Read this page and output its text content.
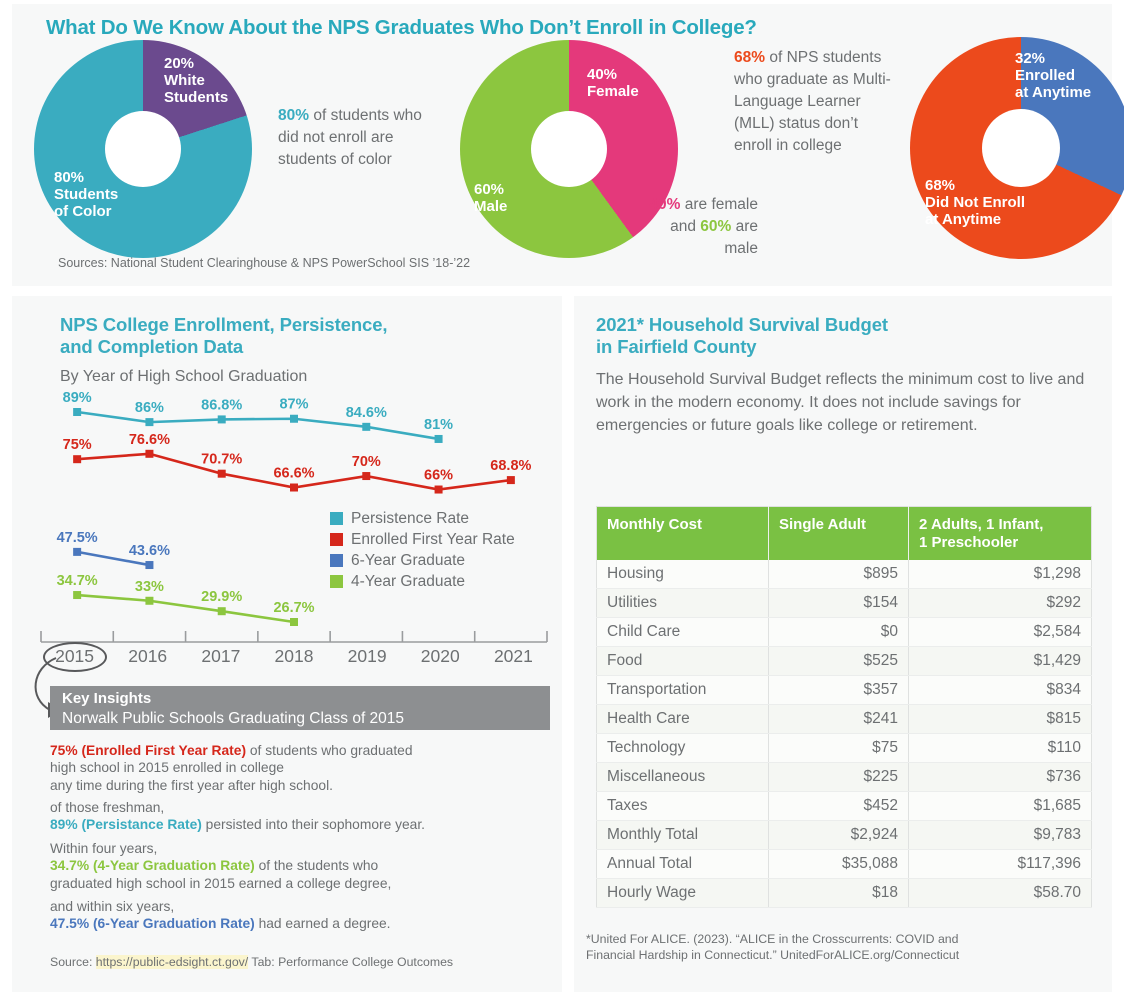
What Do We Know About the NPS Graduates Who Don’t Enroll in College?
20%
White
Students
80%
Students
of Color
80% of students who did not enroll are students of color
40%
Female
60%
Male	40% are female and 60% are male
32%
Enrolled
at Anytime
68%
Did Not Enroll
at Anytime
68% of NPS students who graduate as Multi-Language Learner (MLL) status don’t enroll in college
Sources: National Student Clearinghouse & NPS PowerSchool SIS ’18-’22
NPS College Enrollment, Persistence,
and Completion Data
By Year of High School Graduation
89%
86%	86.8%	87%
84.6%
81%
75%	76.6%
70.7%
66.6%
70%
66%
68.8%
47.5%
43.6%
34.7%	33%
29.9%
26.7%
Persistence Rate
Enrolled First Year Rate
6-Year Graduate
4-Year Graduate
2015	2016	2017	2018	2019	2020	2021
Key Insights
Norwalk Public Schools Graduating Class of 2015
75% (Enrolled First Year Rate) of students who graduated
high school in 2015 enrolled in college
any time during the first year after high school.
of those freshman,
89% (Persistance Rate) persisted into their sophomore year.
Within four years,
34.7% (4-Year Graduation Rate) of the students who
graduated high school in 2015 earned a college degree,
and within six years,
47.5% (6-Year Graduation Rate) had earned a degree.
Source: https://public-edsight.ct.gov/ Tab: Performance College Outcomes
2021* Household Survival Budget
in Fairfield County
The Household Survival Budget reflects the minimum cost to live and work in the modern economy. It does not include savings for emergencies or future goals like college or retirement.
Monthly Cost	Single Adult	2 Adults, 1 Infant,
1 Preschooler
Housing	$895	$1,298
Utilities	$154	$292
Child Care	$0	$2,584
Food	$525	$1,429
Transportation	$357	$834
Health Care	$241	$815
Technology	$75	$110
Miscellaneous	$225	$736
Taxes	$452	$1,685
Monthly Total	$2,924	$9,783
Annual Total	$35,088	$117,396
Hourly Wage	$18	$58.70
*United For ALICE. (2023). “ALICE in the Crosscurrents: COVID and
Financial Hardship in Connecticut.” UnitedForALICE.org/Connecticut
